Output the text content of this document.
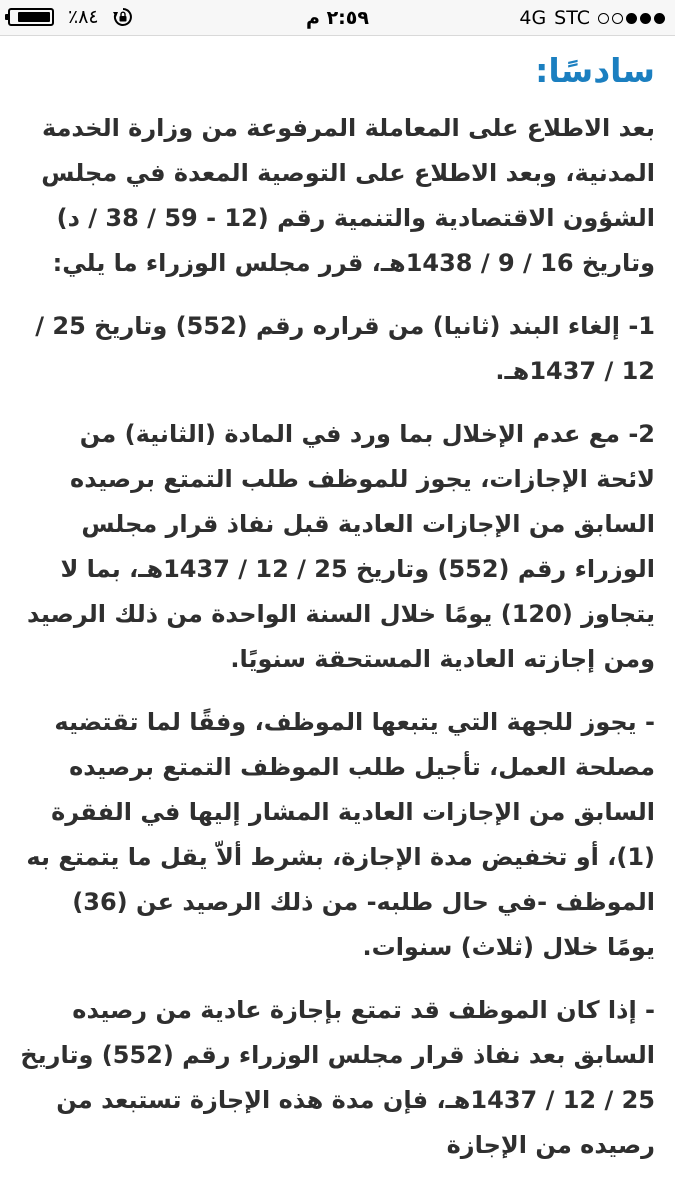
٪٨٤	٢:٥٩ م	4G STC
سادسًا:

بعد الاطلاع على المعاملة المرفوعة من وزارة الخدمة المدنية، وبعد الاطلاع على التوصية المعدة في مجلس الشؤون الاقتصادية والتنمية رقم (12 - 59 / 38 / د) وتاريخ 16 / 9 / 1438هـ، قرر مجلس الوزراء ما يلي:

1- إلغاء البند (ثانيا) من قراره رقم (552) وتاريخ 25 / 12 / 1437هـ.

2- مع عدم الإخلال بما ورد في المادة (الثانية) من لائحة الإجازات، يجوز للموظف طلب التمتع برصيده السابق من الإجازات العادية قبل نفاذ قرار مجلس الوزراء رقم (552) وتاريخ 25 / 12 / 1437هـ، بما لا يتجاوز (120) يومًا خلال السنة الواحدة من ذلك الرصيد ومن إجازته العادية المستحقة سنويًا.

- يجوز للجهة التي يتبعها الموظف، وفقًا لما تقتضيه مصلحة العمل، تأجيل طلب الموظف التمتع برصيده السابق من الإجازات العادية المشار إليها في الفقرة (1)، أو تخفيض مدة الإجازة، بشرط ألاّ يقل ما يتمتع به الموظف -في حال طلبه- من ذلك الرصيد عن (36) يومًا خلال (ثلاث) سنوات.

- إذا كان الموظف قد تمتع بإجازة عادية من رصيده السابق بعد نفاذ قرار مجلس الوزراء رقم (552) وتاريخ 25 / 12 / 1437هـ، فإن مدة هذه الإجازة تستبعد من رصيده من الإجازة
